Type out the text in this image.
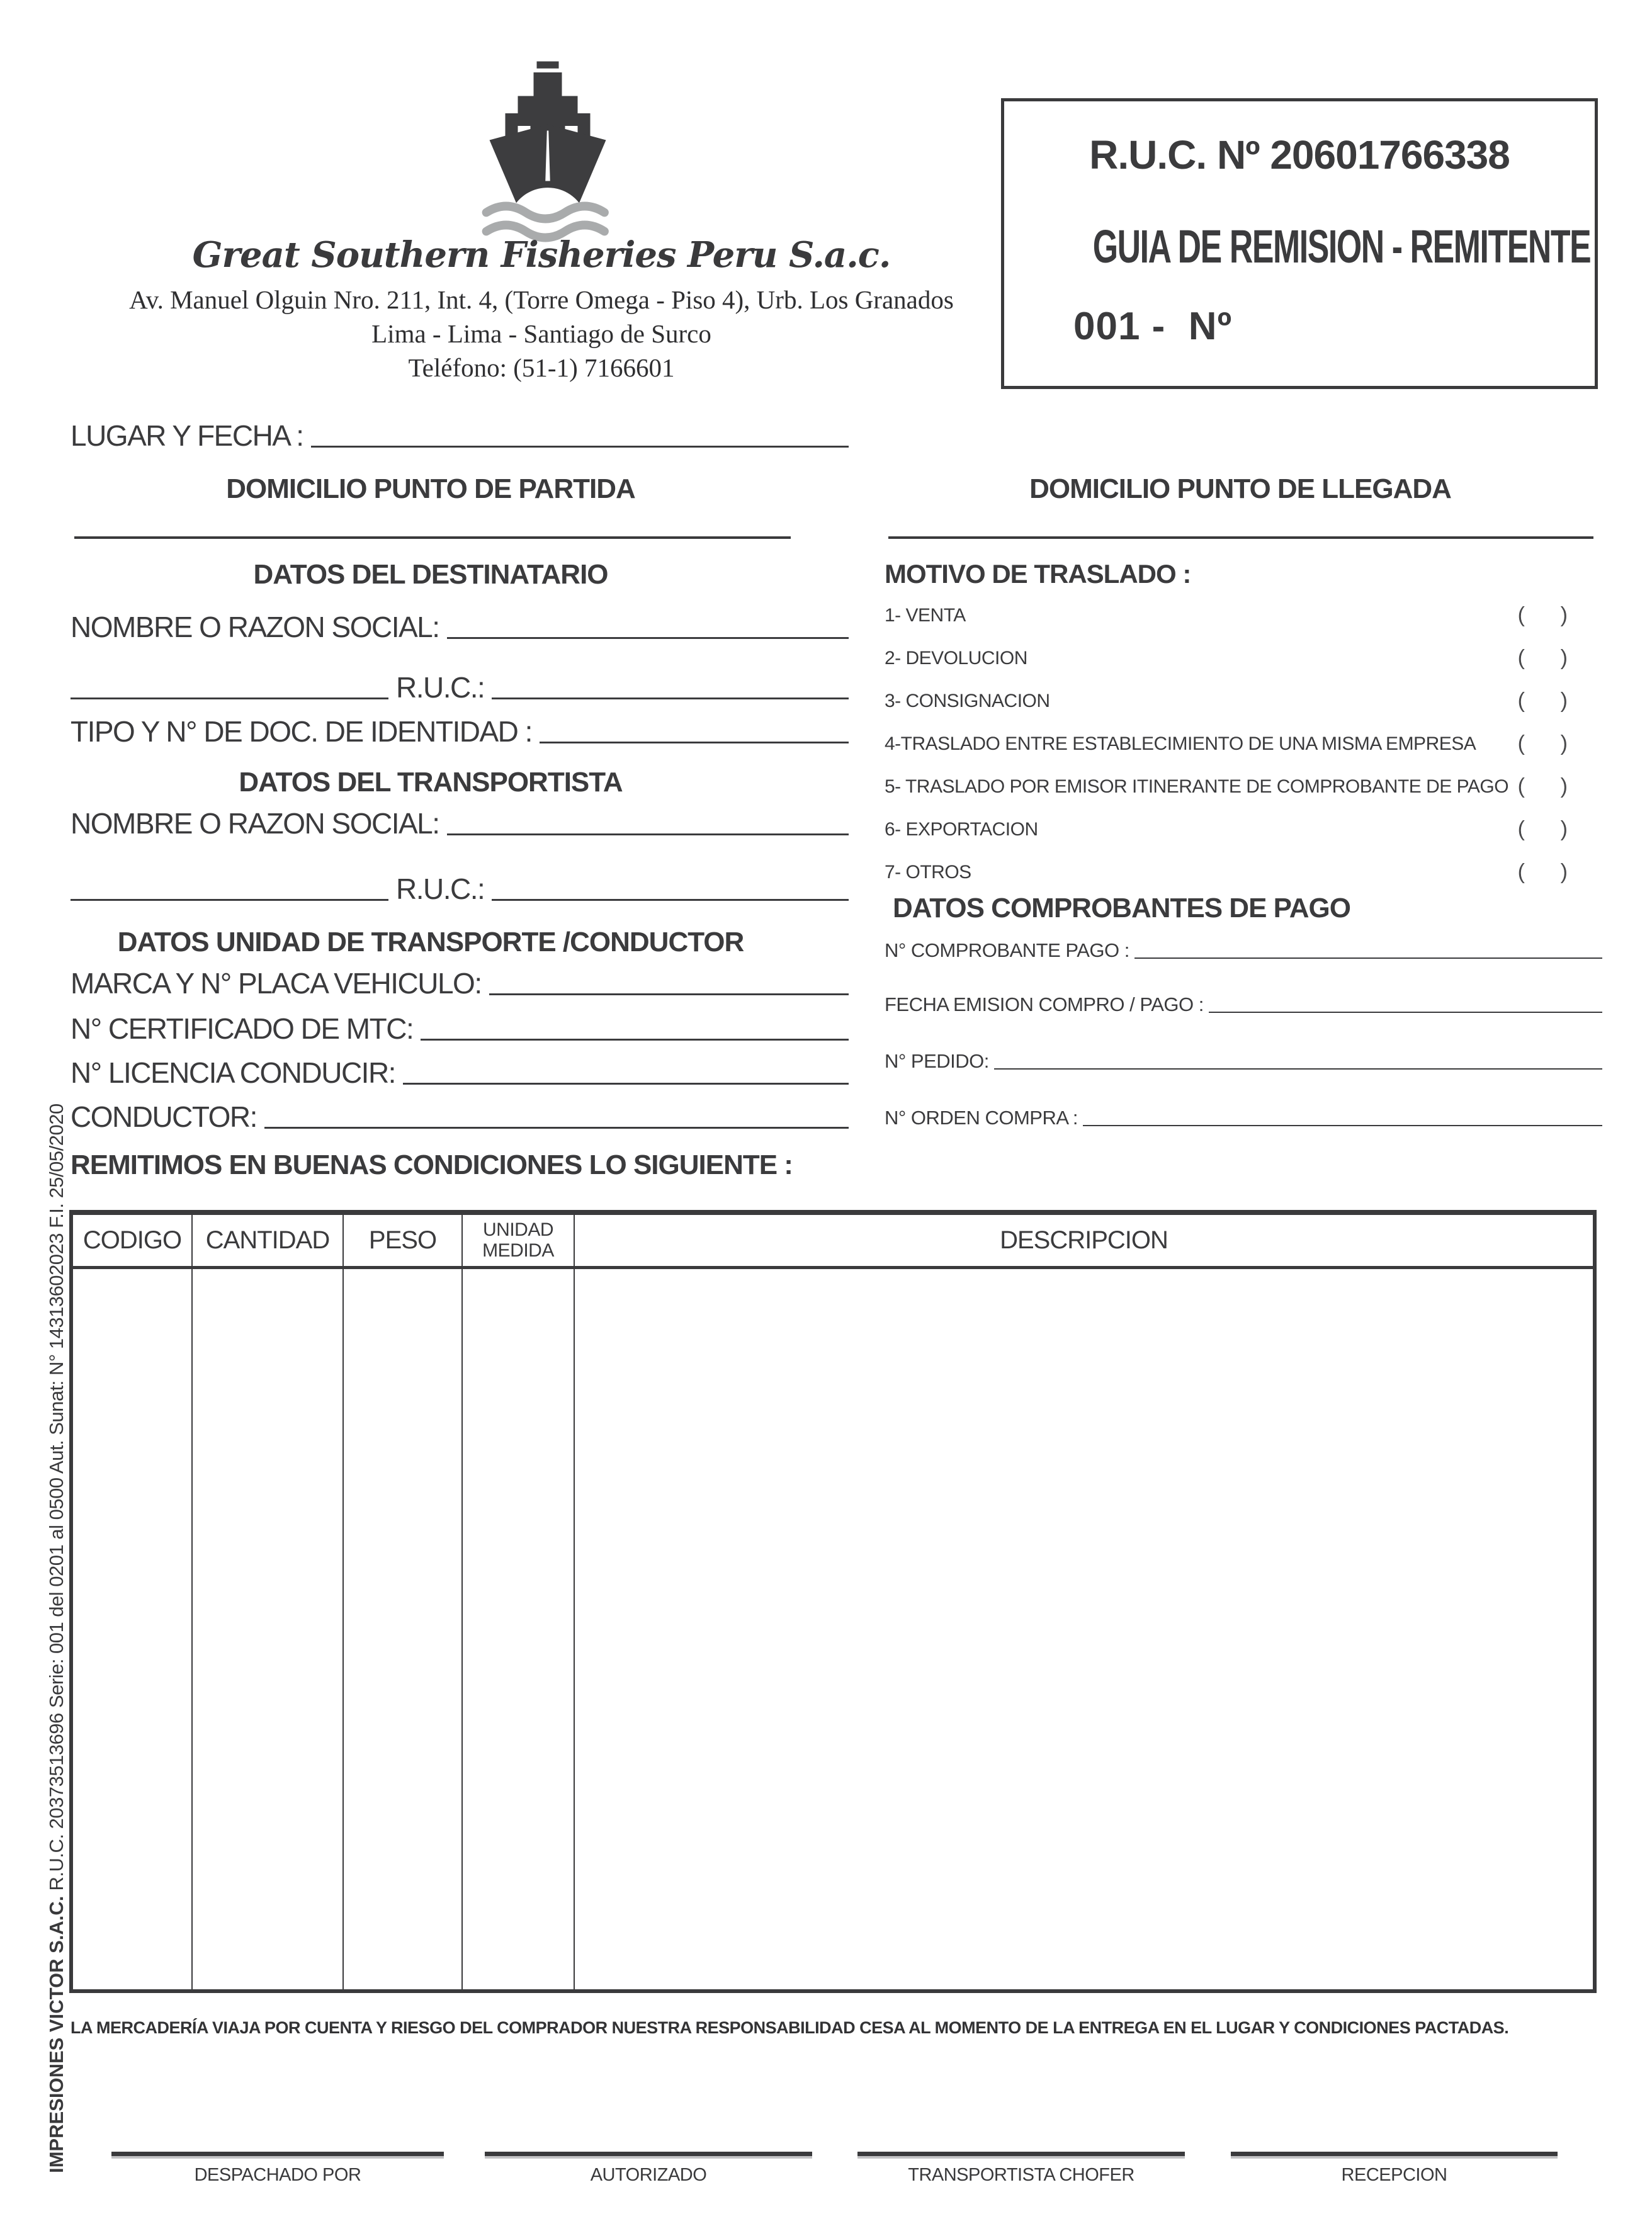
Great Southern Fisheries Peru S.a.c.
Av. Manuel Olguin Nro. 211, Int. 4, (Torre Omega - Piso 4), Urb. Los Granados
Lima - Lima - Santiago de Surco
Teléfono: (51-1) 7166601
R.U.C. Nº 20601766338
GUIA DE REMISION - REMITENTE
001 -  Nº
LUGAR Y FECHA :
DOMICILIO PUNTO DE PARTIDA
DATOS DEL DESTINATARIO
NOMBRE O RAZON SOCIAL:
R.U.C.:
TIPO Y N° DE DOC. DE IDENTIDAD :
DATOS DEL TRANSPORTISTA
NOMBRE O RAZON SOCIAL:
R.U.C.:
DATOS UNIDAD DE TRANSPORTE /CONDUCTOR
MARCA Y N° PLACA VEHICULO:
N° CERTIFICADO DE MTC:
N° LICENCIA CONDUCIR:
CONDUCTOR:
DOMICILIO PUNTO DE LLEGADA
MOTIVO DE TRASLADO :
1- VENTA	(      )
2- DEVOLUCION	(      )
3- CONSIGNACION	(      )
4-TRASLADO ENTRE ESTABLECIMIENTO DE UNA MISMA EMPRESA (      )
5- TRASLADO POR EMISOR ITINERANTE DE COMPROBANTE DE PAGO (      )
6- EXPORTACION	(      )
7- OTROS	(      )
DATOS COMPROBANTES DE PAGO
N° COMPROBANTE PAGO :
FECHA EMISION COMPRO / PAGO :
N° PEDIDO:
N° ORDEN COMPRA :
REMITIMOS EN BUENAS CONDICIONES LO SIGUIENTE :
CODIGO CANTIDAD	PESO	UNIDAD MEDIDA	DESCRIPCION
LA MERCADERÍA VIAJA POR CUENTA Y RIESGO DEL COMPRADOR NUESTRA RESPONSABILIDAD CESA AL MOMENTO DE LA ENTREGA EN EL LUGAR Y CONDICIONES PACTADAS.
DESPACHADO POR	AUTORIZADO	TRANSPORTISTA CHOFER	RECEPCION
IMPRESIONES VICTOR S.A.C. R.U.C. 20373513696 Serie: 001 del 0201 al 0500 Aut. Sunat: N° 14313602023 F.I. 25/05/2020
